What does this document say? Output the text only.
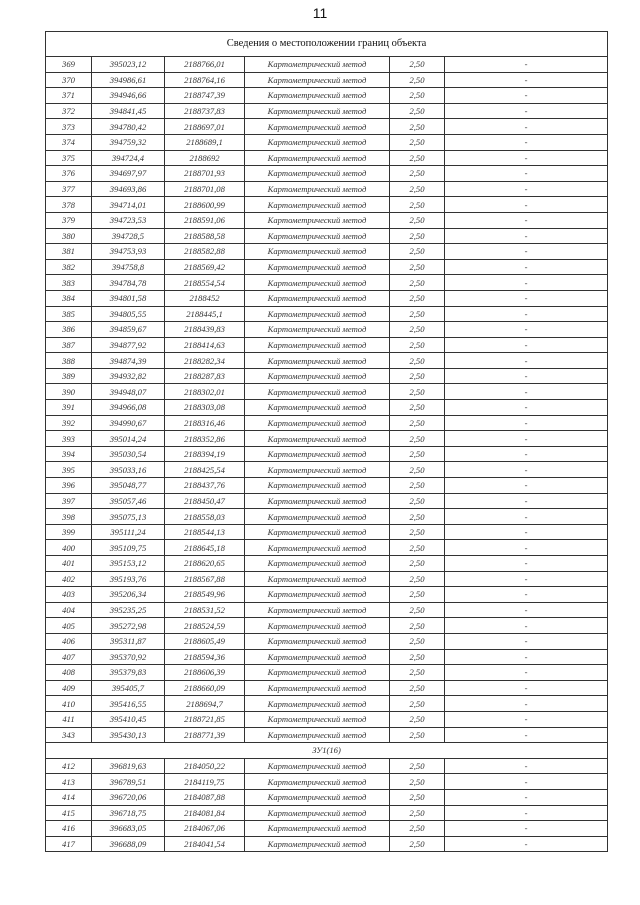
11
Сведения о местоположении границ объекта					
369	395023,12	2188766,01	Картометрический метод	2,50	-
370	394986,61	2188764,16	Картометрический метод	2,50	-
371	394946,66	2188747,39	Картометрический метод	2,50	-
372	394841,45	2188737,83	Картометрический метод	2,50	-
373	394780,42	2188697,01	Картометрический метод	2,50	-
374	394759,32	2188689,1	Картометрический метод	2,50	-
375	394724,4	2188692	Картометрический метод	2,50	-
376	394697,97	2188701,93	Картометрический метод	2,50	-
377	394693,86	2188701,08	Картометрический метод	2,50	-
378	394714,01	2188600,99	Картометрический метод	2,50	-
379	394723,53	2188591,06	Картометрический метод	2,50	-
380	394728,5	2188588,58	Картометрический метод	2,50	-
381	394753,93	2188582,88	Картометрический метод	2,50	-
382	394758,8	2188569,42	Картометрический метод	2,50	-
383	394784,78	2188554,54	Картометрический метод	2,50	-
384	394801,58	2188452	Картометрический метод	2,50	-
385	394805,55	2188445,1	Картометрический метод	2,50	-
386	394859,67	2188439,83	Картометрический метод	2,50	-
387	394877,92	2188414,63	Картометрический метод	2,50	-
388	394874,39	2188282,34	Картометрический метод	2,50	-
389	394932,82	2188287,83	Картометрический метод	2,50	-
390	394948,07	2188302,01	Картометрический метод	2,50	-
391	394966,08	2188303,08	Картометрический метод	2,50	-
392	394990,67	2188316,46	Картометрический метод	2,50	-
393	395014,24	2188352,86	Картометрический метод	2,50	-
394	395030,54	2188394,19	Картометрический метод	2,50	-
395	395033,16	2188425,54	Картометрический метод	2,50	-
396	395048,77	2188437,76	Картометрический метод	2,50	-
397	395057,46	2188450,47	Картометрический метод	2,50	-
398	395075,13	2188558,03	Картометрический метод	2,50	-
399	395111,24	2188544,13	Картометрический метод	2,50	-
400	395109,75	2188645,18	Картометрический метод	2,50	-
401	395153,12	2188620,65	Картометрический метод	2,50	-
402	395193,76	2188567,88	Картометрический метод	2,50	-
403	395206,34	2188549,96	Картометрический метод	2,50	-
404	395235,25	2188531,52	Картометрический метод	2,50	-
405	395272,98	2188524,59	Картометрический метод	2,50	-
406	395311,87	2188605,49	Картометрический метод	2,50	-
407	395370,92	2188594,36	Картометрический метод	2,50	-
408	395379,83	2188606,39	Картометрический метод	2,50	-
409	395405,7	2188660,09	Картометрический метод	2,50	-
410	395416,55	2188694,7	Картометрический метод	2,50	-
411	395410,45	2188721,85	Картометрический метод	2,50	-
343	395430,13	2188771,39	Картометрический метод	2,50	-
ЗУ1(16)					
412	396819,63	2184050,22	Картометрический метод	2,50	-
413	396789,51	2184119,75	Картометрический метод	2,50	-
414	396720,06	2184087,88	Картометрический метод	2,50	-
415	396718,75	2184081,84	Картометрический метод	2,50	-
416	396683,05	2184067,06	Картометрический метод	2,50	-
417	396688,09	2184041,54	Картометрический метод	2,50	-
